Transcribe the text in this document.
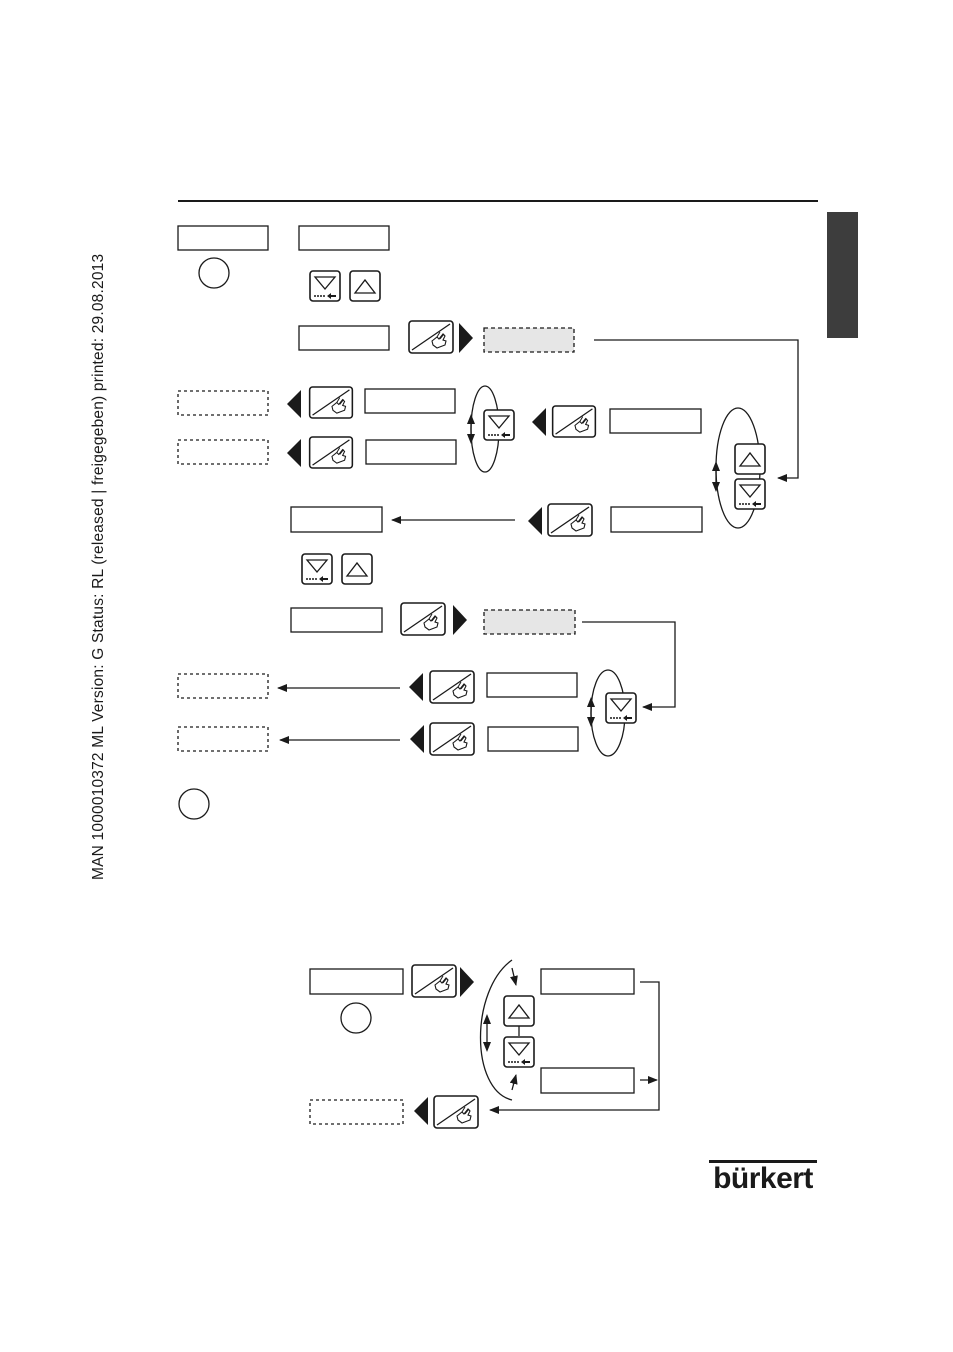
MAN 1000010372 ML Version: G Status: RL (released | freigegeben) printed: 29.08.2013
bürkert
